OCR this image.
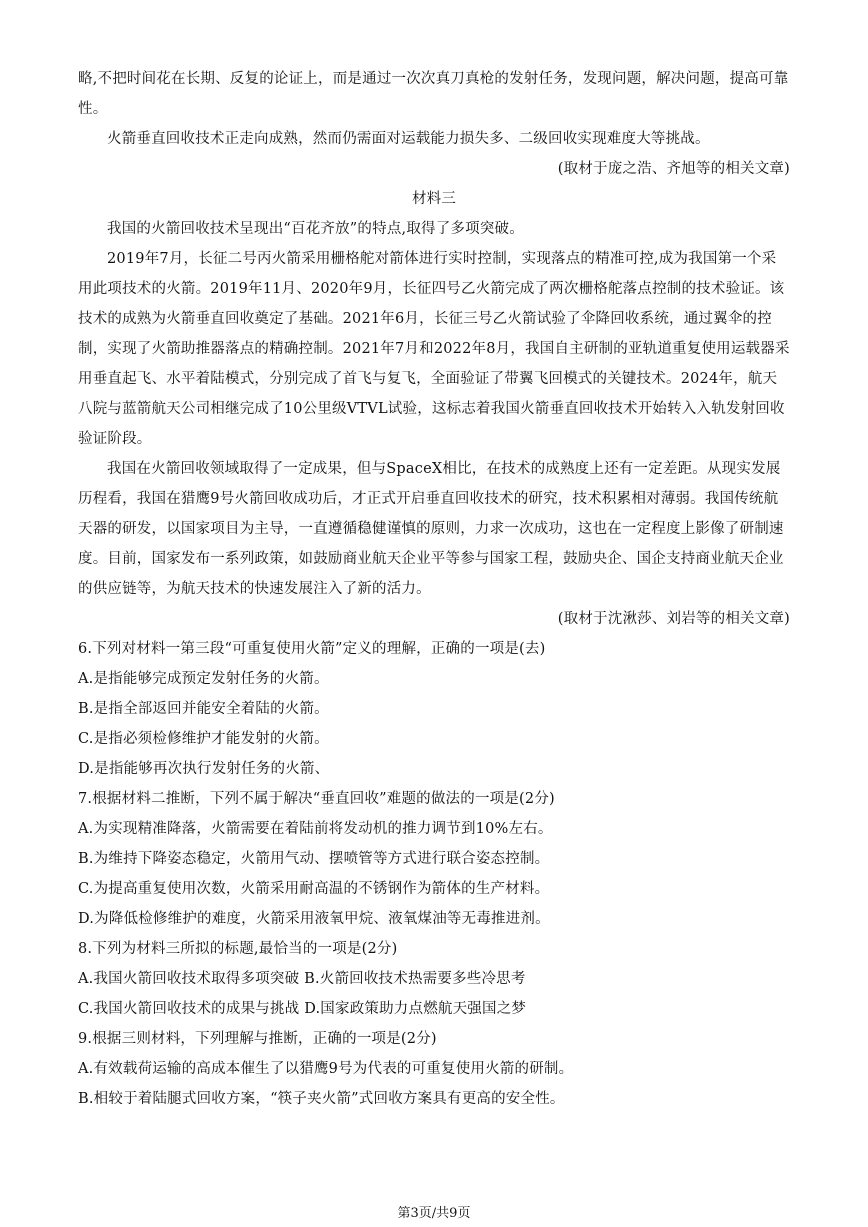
略,不把时间花在长期、反复的论证上，而是通过一次次真刀真枪的发射任务，发现问题，解决问题，提高可靠性。

火箭垂直回收技术正走向成熟，然而仍需面对运载能力损失多、二级回收实现难度大等挑战。

(取材于庞之浩、齐旭等的相关文章)

材料三

我国的火箭回收技术呈现出“百花齐放”的特点,取得了多项突破。

2019年7月，长征二号丙火箭采用栅格舵对箭体进行实时控制，实现落点的精准可控,成为我国第一个采用此项技术的火箭。2019年11月、2020年9月，长征四号乙火箭完成了两次栅格舵落点控制的技术验证。该技术的成熟为火箭垂直回收奠定了基础。2021年6月，长征三号乙火箭试验了伞降回收系统，通过翼伞的控制，实现了火箭助推器落点的精确控制。2021年7月和2022年8月，我国自主研制的亚轨道重复使用运载器采用垂直起飞、水平着陆模式，分别完成了首飞与复飞，全面验证了带翼飞回模式的关键技术。2024年，航天八院与蓝箭航天公司相继完成了10公里级VTVL试验，这标志着我国火箭垂直回收技术开始转入入轨发射回收验证阶段。

我国在火箭回收领域取得了一定成果，但与SpaceX相比，在技术的成熟度上还有一定差距。从现实发展历程看，我国在猎鹰9号火箭回收成功后，才正式开启垂直回收技术的研究，技术积累相对薄弱。我国传统航天器的研发，以国家项目为主导，一直遵循稳健谨慎的原则，力求一次成功，这也在一定程度上影像了研制速度。目前，国家发布一系列政策，如鼓励商业航天企业平等参与国家工程，鼓励央企、国企支持商业航天企业的供应链等，为航天技术的快速发展注入了新的活力。

(取材于沈湫莎、刘岩等的相关文章)

6.下列对材料一第三段“可重复使用火箭”定义的理解，正确的一项是(去)

A.是指能够完成预定发射任务的火箭。

B.是指全部返回并能安全着陆的火箭。

C.是指必须检修维护才能发射的火箭。

D.是指能够再次执行发射任务的火箭、

7.根据材料二推断，下列不属于解决“垂直回收”难题的做法的一项是(2分)

A.为实现精准降落，火箭需要在着陆前将发动机的推力调节到10%左右。

B.为维持下降姿态稳定，火箭用气动、摆喷管等方式进行联合姿态控制。

C.为提高重复使用次数，火箭采用耐高温的不锈钢作为箭体的生产材料。

D.为降低检修维护的难度，火箭采用液氧甲烷、液氧煤油等无毒推进剂。

8.下列为材料三所拟的标题,最恰当的一项是(2分)

A.我国火箭回收技术取得多项突破 B.火箭回收技术热需要多些冷思考

C.我国火箭回收技术的成果与挑战 D.国家政策助力点燃航天强国之梦

9.根据三则材料，下列理解与推断，正确的一项是(2分)

A.有效载荷运输的高成本催生了以猎鹰9号为代表的可重复使用火箭的研制。

B.相较于着陆腿式回收方案，“筷子夹火箭”式回收方案具有更高的安全性。

第3页/共9页
